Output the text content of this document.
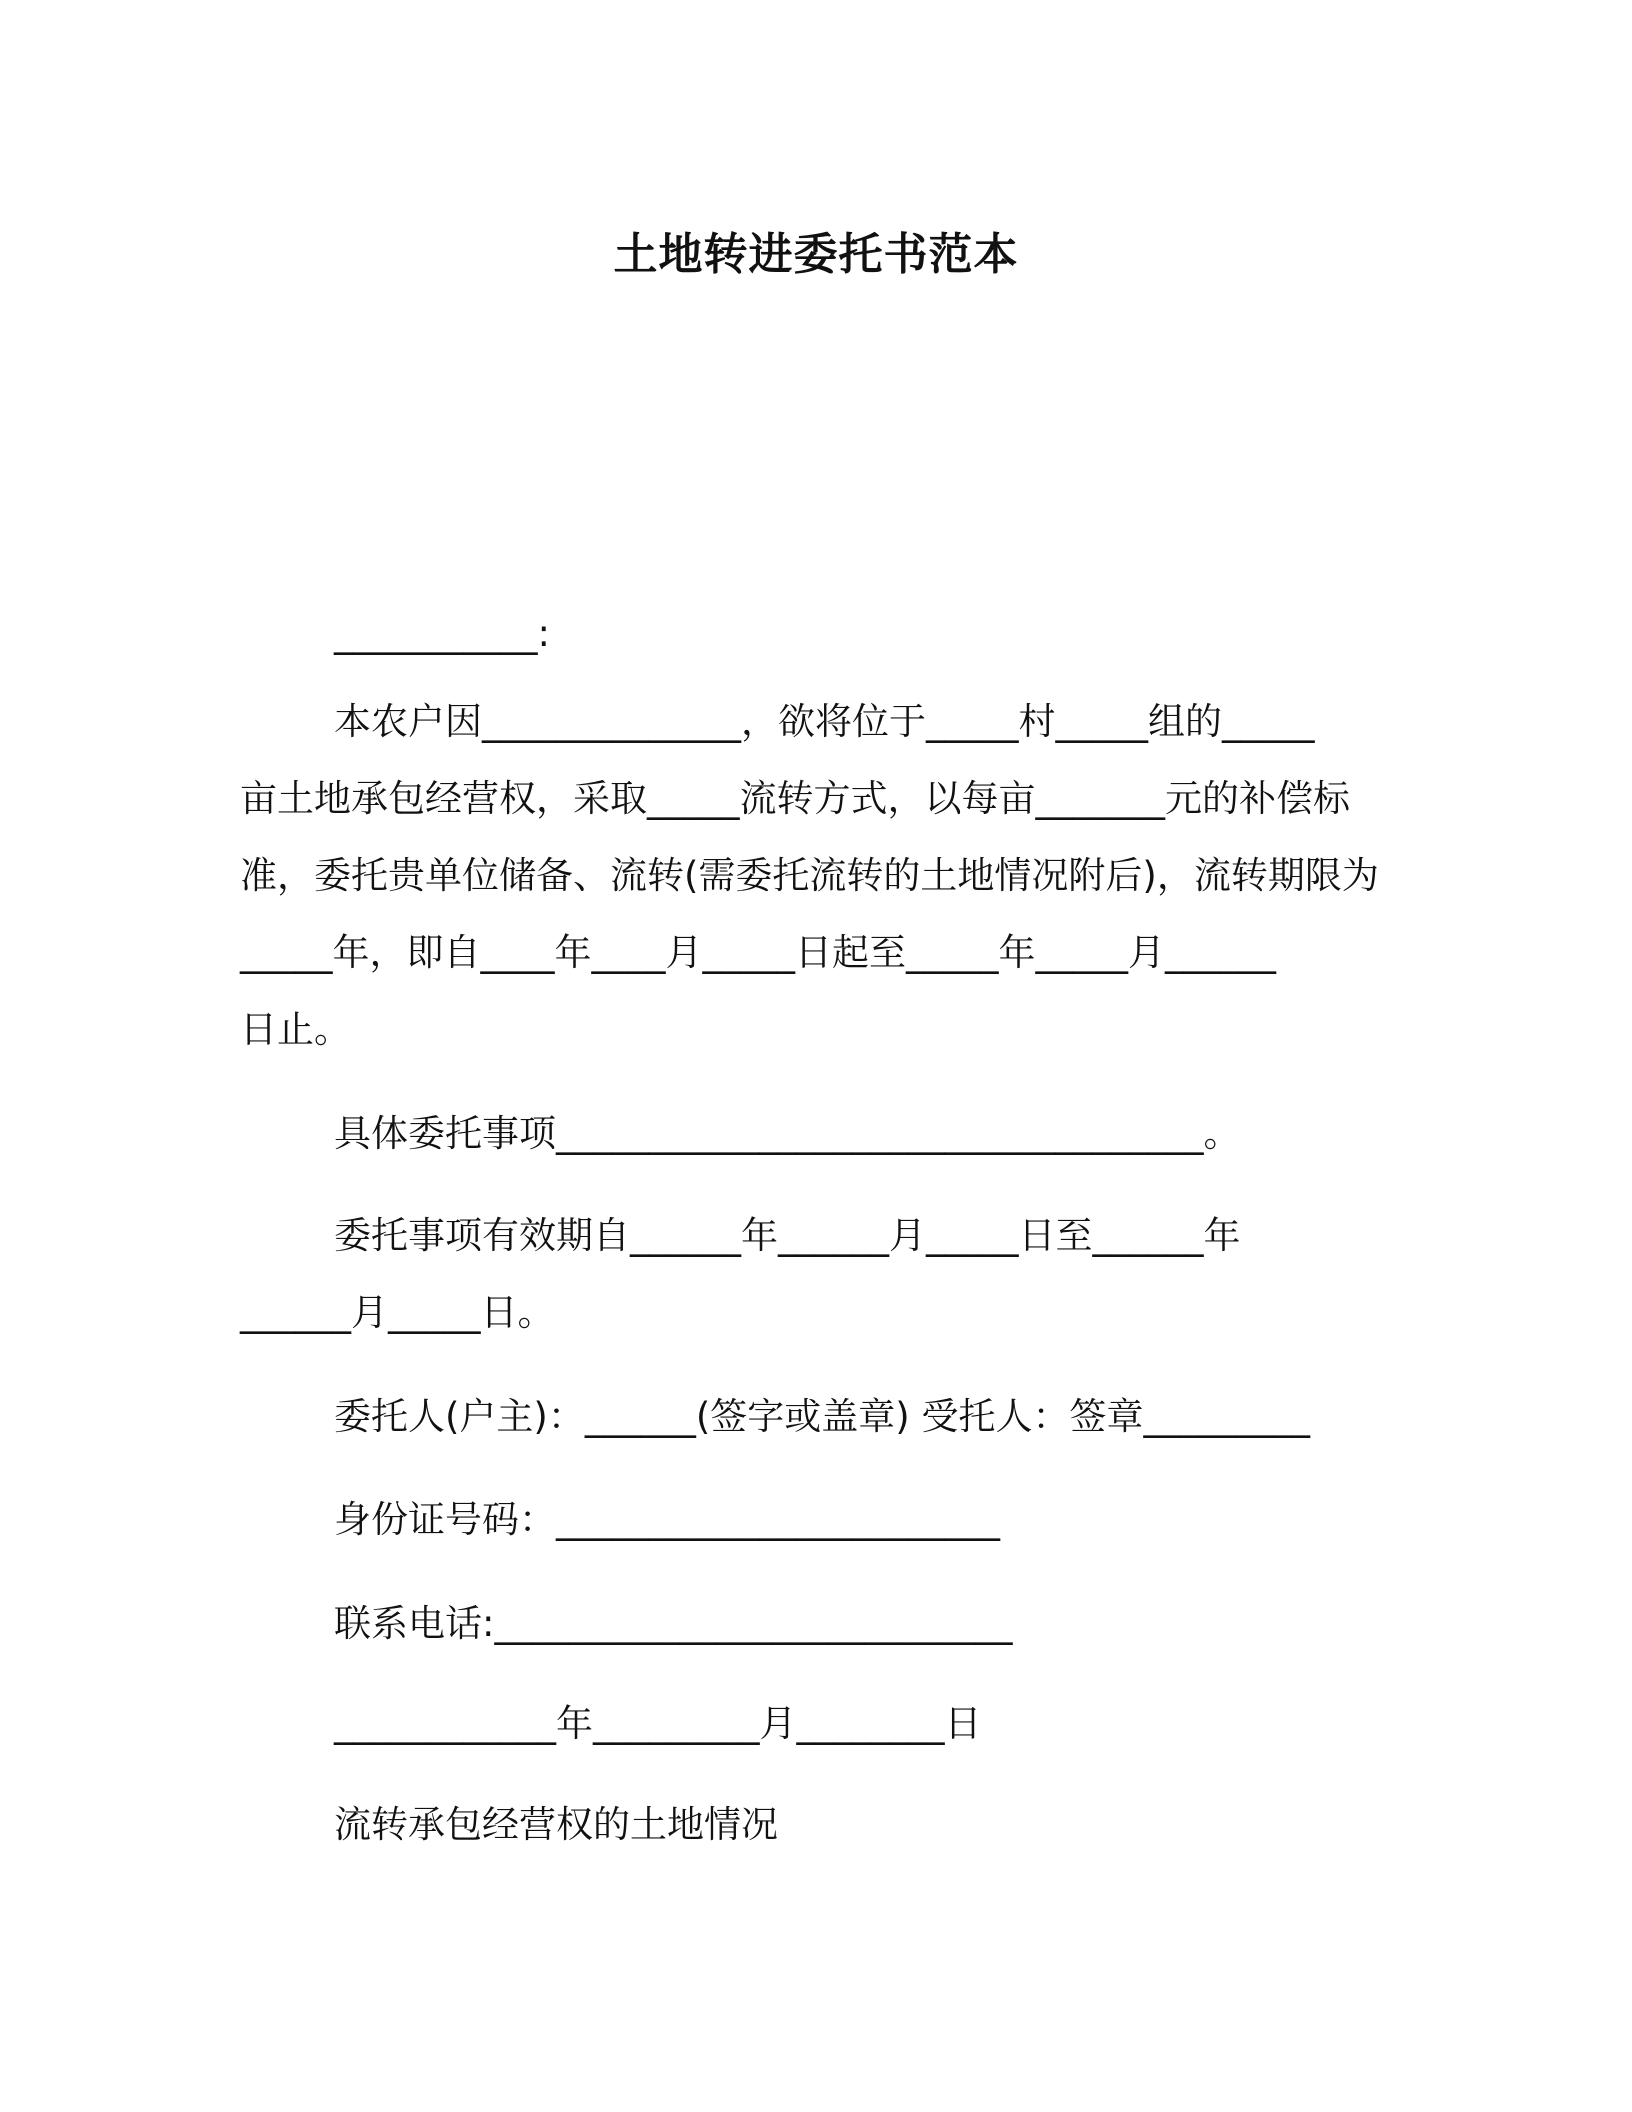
土地转进委托书范本
___________:
本农户因______________，欲将位于_____村_____组的_____
亩土地承包经营权，采取_____流转方式，以每亩_______元的补偿标
准，委托贵单位储备、流转(需委托流转的土地情况附后)，流转期限为
_____年，即自____年____月_____日起至_____年_____月______
日止。
具体委托事项___________________________________。
委托事项有效期自______年______月_____日至______年
______月_____日。
委托人(户主)：______(签字或盖章) 受托人：签章_________
身份证号码：________________________
联系电话:____________________________
____________年_________月________日
流转承包经营权的土地情况
